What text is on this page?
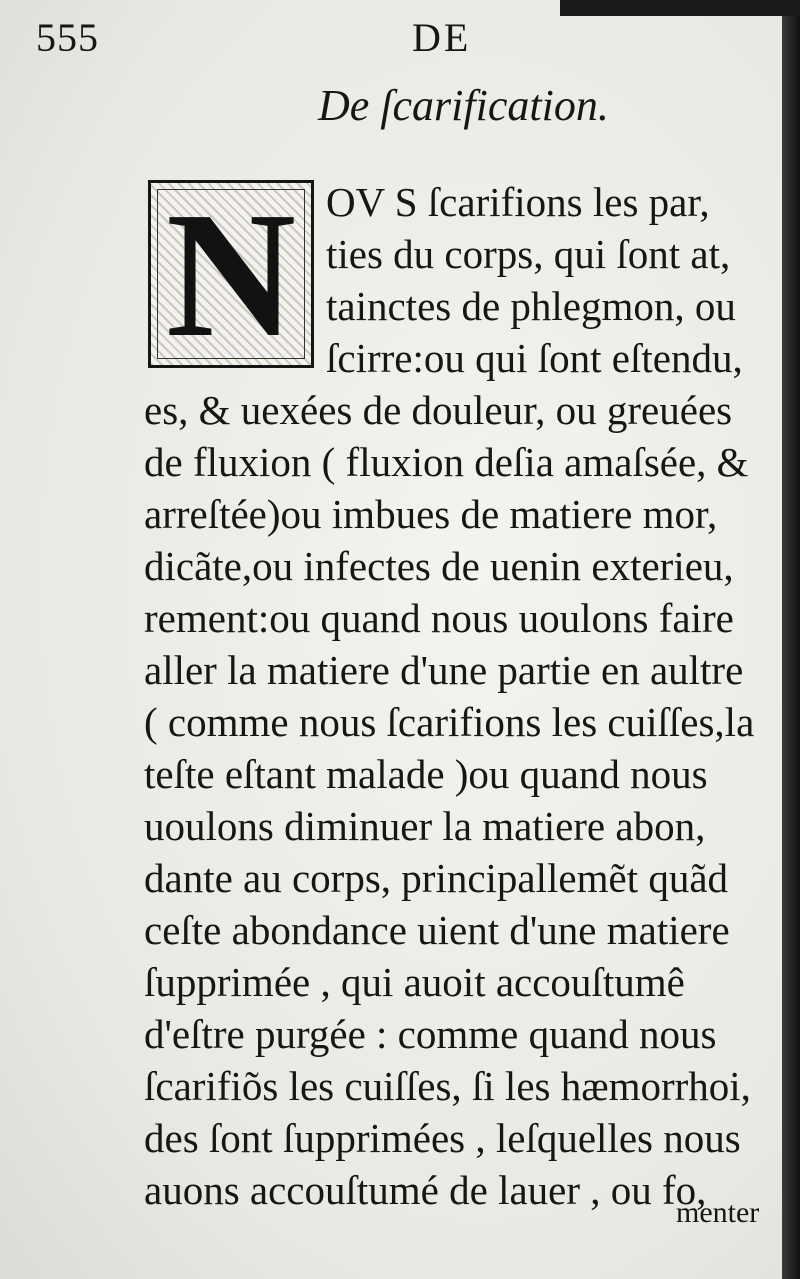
555	DE
De ſcarification.
N OV S ſcarifions les par,
ties du corps, qui ſont at,
tainctes de phlegmon, ou
ſcirre:ou qui ſont eſtendu,
es, & uexées de douleur, ou greuées
de fluxion ( fluxion deſia amaſsée, &
arreſtée)ou imbues de matiere mor,
dicãte,ou infectes de uenin exterieu,
rement:ou quand nous uoulons faire
aller la matiere d'une partie en aultre
( comme nous ſcarifions les cuiſſes,la
teſte eſtant malade )ou quand nous
uoulons diminuer la matiere abon,
dante au corps, principallemẽt quãd
ceſte abondance uient d'une matiere
ſupprimée , qui auoit accouſtumê
d'eſtre purgée : comme quand nous
ſcarifiõs les cuiſſes, ſi les hæmorrhoi,
des ſont ſupprimées , leſquelles nous
auons accouſtumé de lauer , ou fo,
menter
